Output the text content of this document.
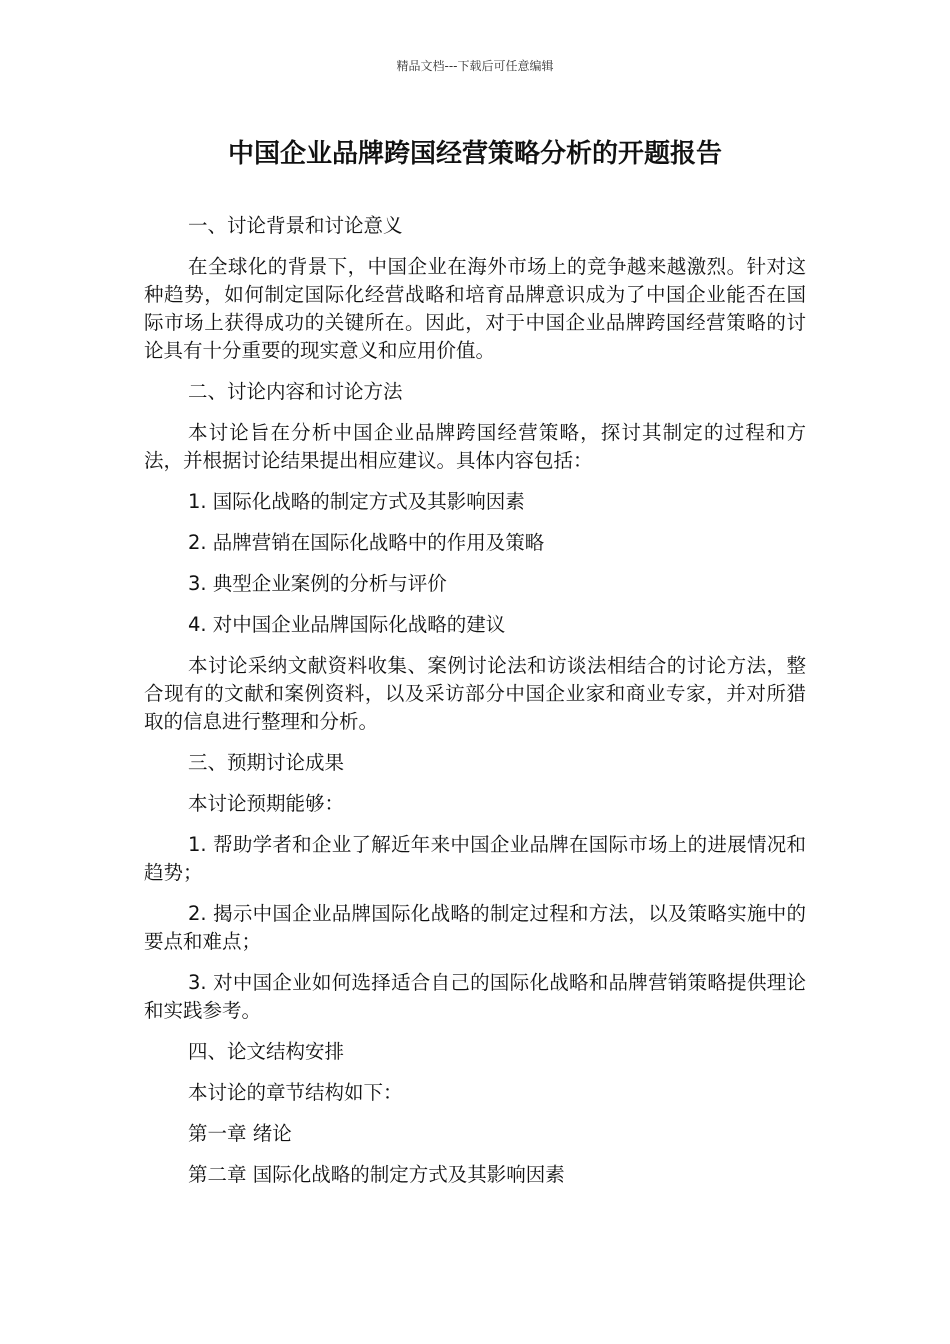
精品文档---下载后可任意编辑
中国企业品牌跨国经营策略分析的开题报告

一、讨论背景和讨论意义

在全球化的背景下，中国企业在海外市场上的竞争越来越激烈。针对这种趋势，如何制定国际化经营战略和培育品牌意识成为了中国企业能否在国际市场上获得成功的关键所在。因此，对于中国企业品牌跨国经营策略的讨论具有十分重要的现实意义和应用价值。

二、讨论内容和讨论方法

本讨论旨在分析中国企业品牌跨国经营策略，探讨其制定的过程和方法，并根据讨论结果提出相应建议。具体内容包括：

1. 国际化战略的制定方式及其影响因素

2. 品牌营销在国际化战略中的作用及策略

3. 典型企业案例的分析与评价

4. 对中国企业品牌国际化战略的建议

本讨论采纳文献资料收集、案例讨论法和访谈法相结合的讨论方法，整合现有的文献和案例资料，以及采访部分中国企业家和商业专家，并对所猎取的信息进行整理和分析。

三、预期讨论成果

本讨论预期能够：

1. 帮助学者和企业了解近年来中国企业品牌在国际市场上的进展情况和趋势；

2. 揭示中国企业品牌国际化战略的制定过程和方法，以及策略实施中的要点和难点；

3. 对中国企业如何选择适合自己的国际化战略和品牌营销策略提供理论和实践参考。

四、论文结构安排

本讨论的章节结构如下：

第一章 绪论

第二章 国际化战略的制定方式及其影响因素
